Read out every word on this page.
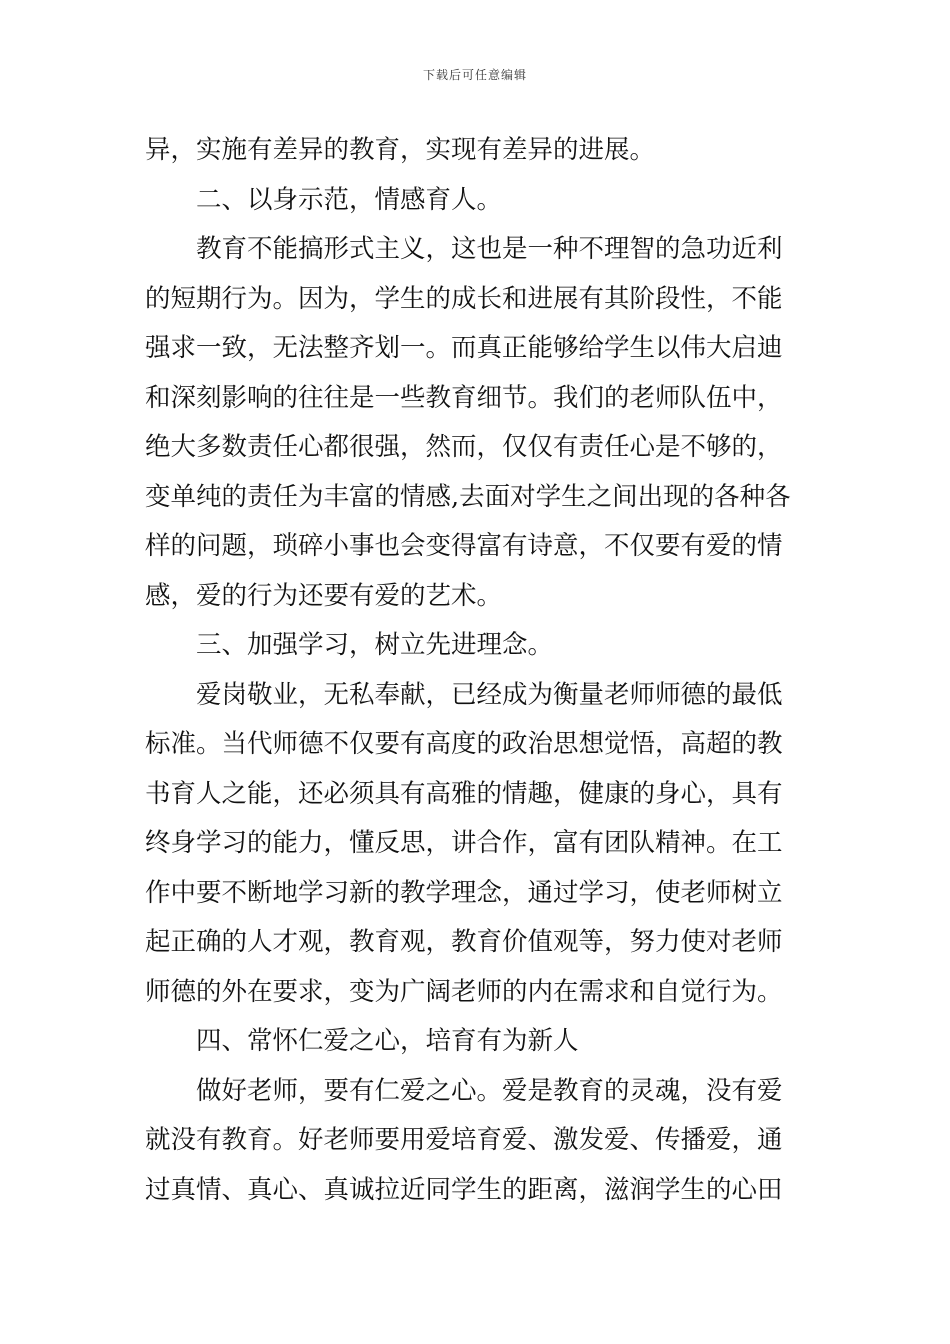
下载后可任意编辑
异，实施有差异的教育，实现有差异的进展。
二、以身示范，情感育人。
教育不能搞形式主义，这也是一种不理智的急功近利
的短期行为。因为，学生的成长和进展有其阶段性，不能
强求一致，无法整齐划一。而真正能够给学生以伟大启迪
和深刻影响的往往是一些教育细节。我们的老师队伍中，
绝大多数责任心都很强，然而，仅仅有责任心是不够的，
变单纯的责任为丰富的情感,去面对学生之间出现的各种各
样的问题，琐碎小事也会变得富有诗意，不仅要有爱的情
感，爱的行为还要有爱的艺术。
三、加强学习，树立先进理念。
爱岗敬业，无私奉献，已经成为衡量老师师德的最低
标准。当代师德不仅要有高度的政治思想觉悟，高超的教
书育人之能，还必须具有高雅的情趣，健康的身心，具有
终身学习的能力，懂反思，讲合作，富有团队精神。在工
作中要不断地学习新的教学理念，通过学习，使老师树立
起正确的人才观，教育观，教育价值观等，努力使对老师
师德的外在要求，变为广阔老师的内在需求和自觉行为。
四、常怀仁爱之心，培育有为新人
做好老师，要有仁爱之心。爱是教育的灵魂，没有爱
就没有教育。好老师要用爱培育爱、激发爱、传播爱，通
过真情、真心、真诚拉近同学生的距离，滋润学生的心田
